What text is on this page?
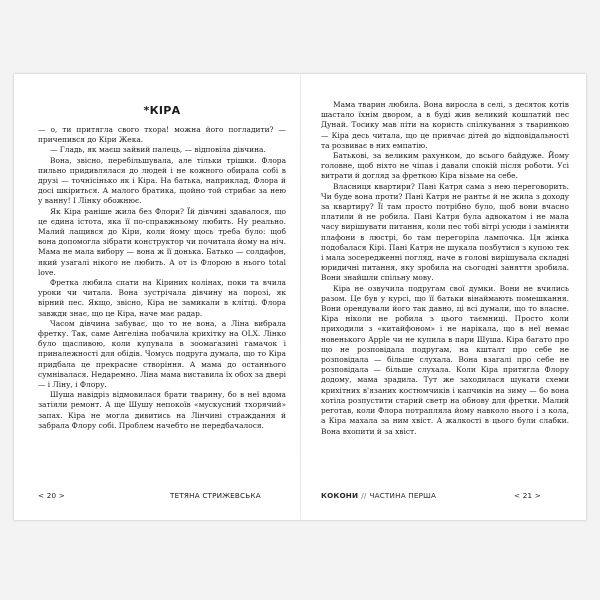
*КІРА

— о, ти притягла свого тхора! можна його погладити? — причепився до Кіри Жека.

— Гладь, як маєш зайвий палець, — відповіла дівчина.

Вона, звісно, перебільшувала, але тільки трішки. Флора пильно придивлялася до людей і не кожного обирала собі в друзі — точнісінько як і Кіра. На батька, наприклад, Флора й досі шкіриться. А малого братика, щойно той стрибає за нею у ванну! І Лінку обожнює.

Як Кіра раніше жила без Флори? Їй дівчині здавалося, що це єдина істота, яка її по-справжньому любить. Ну реально. Малий лащився до Кіри, коли йому щось треба було: щоб вона допомогла зібрати конструктор чи почитала йому на ніч. Мама не мала вибору — вона ж її донька. Батько — солдафон, який узагалі нікого не любить. А от із Флорою в нього total love.

Фретка любила спати на Кіриних колінах, поки та вчила уроки чи читала. Вона зустрічала дівчину на порозі, як вірний пес. Якщо, звісно, Кіра не замикали в клітці. Флора завжди знає, що це Кіра, наче має радар.

Часом дівчина забуває, що то не вона, а Ліна вибрала фретку. Так, саме Ангеліна побачила крихітку на OLX. Лінко було щасливою, коли купувала в зоомагазині гамачок і приналежності для обідів. Чомусь подруга думала, що то Кіра придбала це прекрасне створіння. А мама до останнього сумнівалася. Недаремно. Ліна мама виставила їх обох за двері — і Ліну, і Флору.

Шуша навідріз відмовилася брати тварину, бо в неї вдома затіяли ремонт. А ще Шушу непокоїв «мускусний тхорячий» запах. Кіра не могла дивитись на Лінчині страждання й забрала Флору собі. Проблем начебто не передбачалося.

Мама тварин любила. Вона виросла в селі, з десяток котів шастало їхнім двором, а в буді жив великий кошлатий пес Дунай. Тосику мав піти на користь спілкування з тваринкою — Кіра десь читала, що це привчає дітей до відповідальності та розвиває в них емпатію.

Батькові, за великим рахунком, до всього байдуже. Йому головне, щоб ніхто не чіпав і давали спокій після роботи. Усі витрати й догляд за фреткою Кіра візьме на себе.

Власниця квартири? Пані Катря сама з нею переговорить. Чи буде вона проти? Пані Катря не рантьє й не жила з доходу за квартиру? Її там просто потрібно було, щоб вони вчасно платили й не робила. Пані Катря була адвокатом і не мала часу вирішувати питання, коли пес тобі вітрі усюди і заміняти плафони в люстрі, бо там перегоріла лампочка. Ця жінка подобалася Кірі. Пані Катря не шукала позбутися з купою тек і мала зосередженні погляд, наче в голові вирішувала складні юридичні питання, яку зробила на сьогодні заняття зробила. Вони знайшли спільну мову.

Кіра не озвучила подругам свої думки. Вони не вчились разом. Це був у курсі, що її батьки вінаймають помешкання. Вони орендували його так давно, ці всі думали, що то власне. Кіра ніколи не робила з цього таємниці. Просто коли приходили з «китайфоном» і не нарікала, що в неї немає новенького Apple чи не купила в пари Шуша. Кіра багато про що не розповідала подругам, на кшталт про себе не розповідала — більше слухала. Вона взагалі про себе не розповідала — більше слухала. Коли Кіра притягла Флору додому, мама зрадила. Тут же заходилася шукати схеми крихітних в'язаних костюмчиків і капчиків на зиму — бо вона хотіла розпустити старий светр на обнову для фретки. Малий реготав, коли Флора потрапляла йому навколо нього і з кола, а Кіра махала за ним хвіст. А жалкості в цього були слабки. Вона вхопити й за хвіст.

< 20 >	ТЕТЯНА СТРИЖЕВСЬКА	КОКОНИ // ЧАСТИНА ПЕРША	< 21 >
